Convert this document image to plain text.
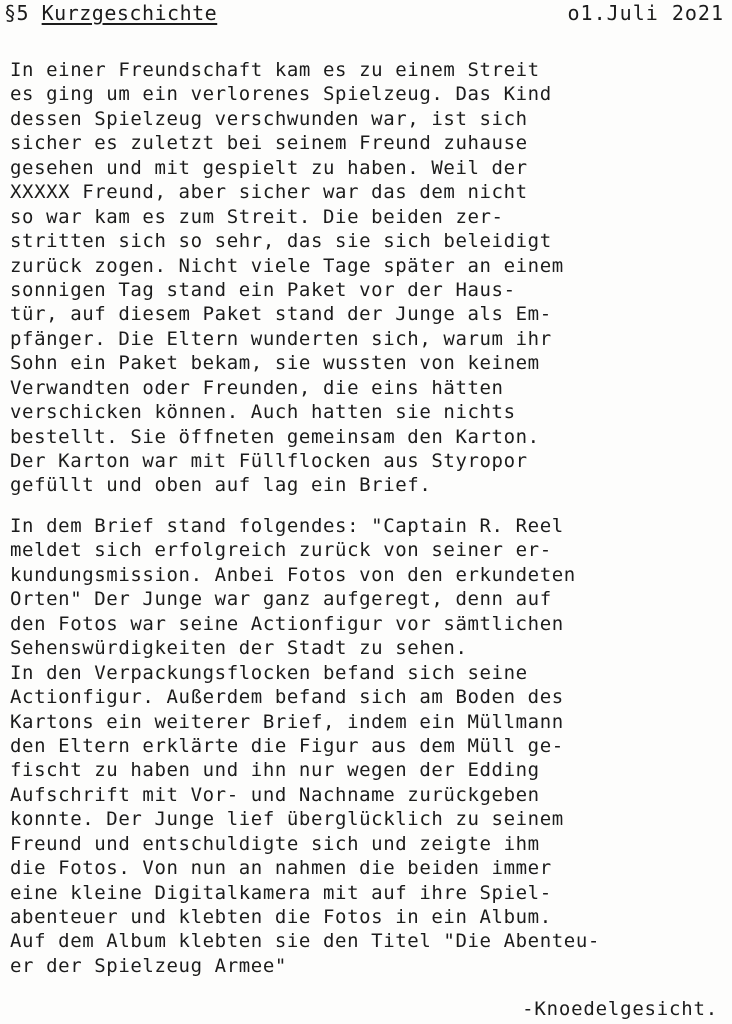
§5 Kurzgeschichte	o1.Juli 2o21
In einer Freundschaft kam es zu einem Streit
es ging um ein verlorenes Spielzeug. Das Kind
dessen Spielzeug verschwunden war, ist sich
sicher es zuletzt bei seinem Freund zuhause
gesehen und mit gespielt zu haben. Weil der
XXXXX Freund, aber sicher war das dem nicht
so war kam es zum Streit. Die beiden zer-
stritten sich so sehr, das sie sich beleidigt
zurück zogen. Nicht viele Tage später an einem
sonnigen Tag stand ein Paket vor der Haus-
tür, auf diesem Paket stand der Junge als Em-
pfänger. Die Eltern wunderten sich, warum ihr
Sohn ein Paket bekam, sie wussten von keinem
Verwandten oder Freunden, die eins hätten
verschicken können. Auch hatten sie nichts
bestellt. Sie öffneten gemeinsam den Karton.
Der Karton war mit Füllflocken aus Styropor
gefüllt und oben auf lag ein Brief.
In dem Brief stand folgendes: "Captain R. Reel
meldet sich erfolgreich zurück von seiner er-
kundungsmission. Anbei Fotos von den erkundeten
Orten" Der Junge war ganz aufgeregt, denn auf
den Fotos war seine Actionfigur vor sämtlichen
Sehenswürdigkeiten der Stadt zu sehen.
In den Verpackungsflocken befand sich seine
Actionfigur. Außerdem befand sich am Boden des
Kartons ein weiterer Brief, indem ein Müllmann
den Eltern erklärte die Figur aus dem Müll ge-
fischt zu haben und ihn nur wegen der Edding
Aufschrift mit Vor- und Nachname zurückgeben
konnte. Der Junge lief überglücklich zu seinem
Freund und entschuldigte sich und zeigte ihm
die Fotos. Von nun an nahmen die beiden immer
eine kleine Digitalkamera mit auf ihre Spiel-
abenteuer und klebten die Fotos in ein Album.
Auf dem Album klebten sie den Titel "Die Abenteu-
er der Spielzeug Armee"
-Knoedelgesicht.
